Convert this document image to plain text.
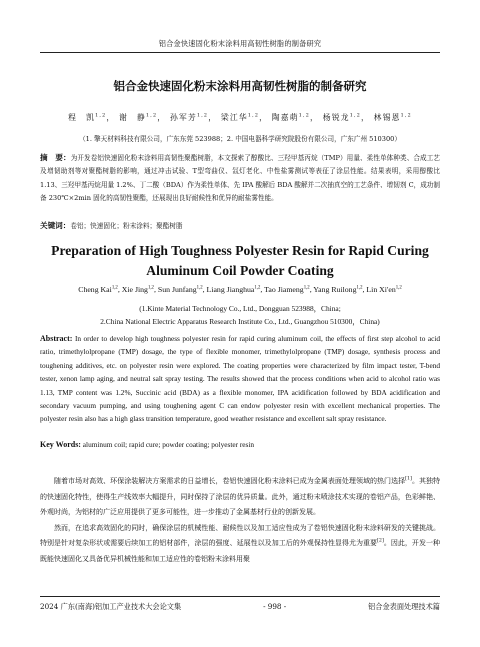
铝合金快速固化粉末涂料用高韧性树脂的制备研究
铝合金快速固化粉末涂料用高韧性树脂的制备研究
程　凯$^{1,2}$， 谢　静$^{1,2}$， 孙军芳$^{1,2}$， 梁江华$^{1,2}$， 陶嘉萌$^{1,2}$， 杨锐龙$^{1,2}$， 林锡恩$^{1,2}$
（1. 擎天材料科技有限公司，广东东莞 523988；2. 中国电器科学研究院股份有限公司，广东广州 510300）
摘　要：为开发卷铝快速固化粉末涂料用高韧性聚酯树脂，本文探索了醇酸比、三羟甲基丙烷（TMP）用量、柔性单体种类、合成工艺及增韧助剂等对聚酯树脂的影响，通过冲击试验、T型弯曲仪、氙灯老化、中性盐雾测试等表征了涂层性能。结果表明，采用醇酸比 1.13、三羟甲基丙烷用量 1.2%、丁二酸（BDA）作为柔性单体、先 IPA 酸解后 BDA 酸解并二次抽真空的工艺条件、增韧剂 C，成功制备 230℃×2min 固化的高韧性聚酯，还展现出良好耐候性和优异的耐盐雾性能。
关键词：卷铝；快速固化；粉末涂料；聚酯树脂
Preparation of High Toughness Polyester Resin for Rapid Curing Aluminum Coil Powder Coating
Cheng Kai$^{1,2}$, Xie Jing$^{1,2}$, Sun Junfang$^{1,2}$, Liang Jianghua$^{1,2}$, Tao Jiameng$^{1,2}$, Yang Ruilong$^{1,2}$, Lin Xi'en$^{1,2}$
(1.Kinte Material Technology Co., Ltd., Dongguan 523988，China;
2.China National Electric Apparatus Research Institute Co., Ltd., Guangzhou 510300，China)
Abstract: In order to develop high toughness polyester resin for rapid curing aluminum coil, the effects of first step alcohol to acid ratio, trimethylolpropane (TMP) dosage, the type of flexible monomer, trimethylolpropane (TMP) dosage, synthesis process and toughening additives, etc. on polyester resin were explored. The coating properties were characterized by film impact tester, T-bend tester, xenon lamp aging, and neutral salt spray testing. The results showed that the process conditions when acid to alcohol ratio was 1.13, TMP content was 1.2%, Succinic acid (BDA) as a flexible monomer, IPA acidification followed by BDA acidification and secondary vacuum pumping, and using toughening agent C can endow polyester resin with excellent mechanical properties. The polyester resin also has a high glass transition temperature, good weather resistance and excellent salt spray resistance.
Key Words: aluminum coil; rapid cure; powder coating; polyester resin

随着市场对高效、环保涂装解决方案需求的日益增长，卷铝快速固化粉末涂料已成为金属表面处理领域的热门选择[1]。其独特的快速固化特性，使得生产线效率大幅提升，同时保持了涂层的优异质量。此外，通过粉末喷涂技术实现的卷铝产品，色彩鲜艳、外观时尚，为铝材的广泛应用提供了更多可能性，进一步推动了金属基材行业的创新发展。

然而，在追求高效固化的同时，确保涂层的机械性能、耐候性以及加工适应性成为了卷铝快速固化粉末涂料研发的关键挑战。特别是针对复杂形状或需要后续加工的铝材部件，涂层的强度、延展性以及加工后的外观保持性显得尤为重要[2]。因此，开发一种既能快速固化又具备优异机械性能和加工适应性的卷铝粉末涂料用聚

2024 广东(南海)铝加工产业技术大会论文集	- 998 -	铝合金表面处理技术篇
